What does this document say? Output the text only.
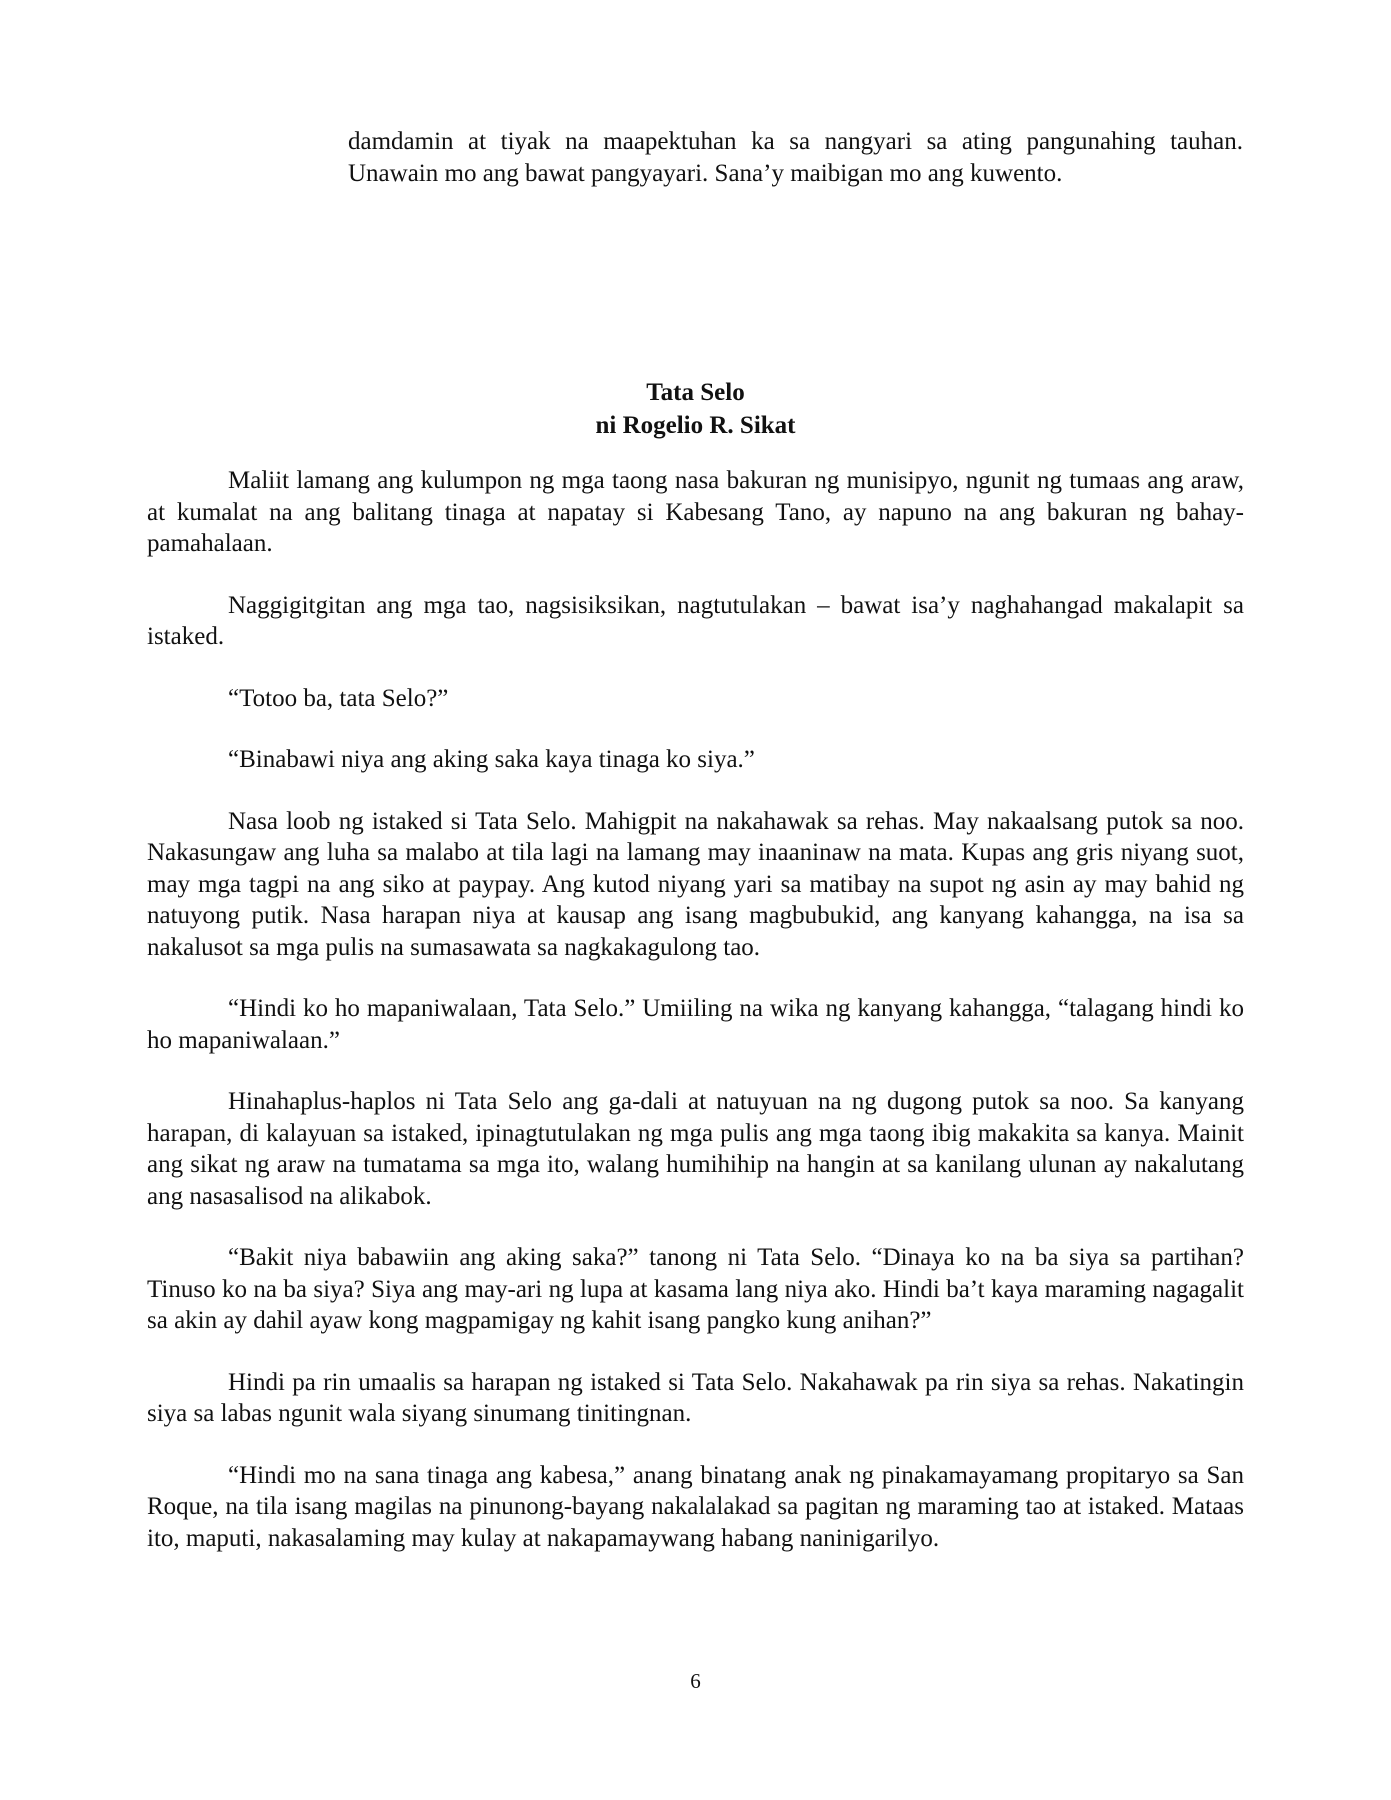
damdamin at tiyak na maapektuhan ka sa nangyari sa ating pangunahing tauhan.

Unawain mo ang bawat pangyayari. Sana’y maibigan mo ang kuwento.

Tata Selo
ni Rogelio R. Sikat

Maliit lamang ang kulumpon ng mga taong nasa bakuran ng munisipyo, ngunit ng tumaas ang araw, at kumalat na ang balitang tinaga at napatay si Kabesang Tano, ay napuno na ang bakuran ng bahay-pamahalaan.

Naggigitgitan ang mga tao, nagsisiksikan, nagtutulakan – bawat isa’y naghahangad makalapit sa istaked.

“Totoo ba, tata Selo?”

“Binabawi niya ang aking saka kaya tinaga ko siya.”

Nasa loob ng istaked si Tata Selo. Mahigpit na nakahawak sa rehas. May nakaalsang putok sa noo. Nakasungaw ang luha sa malabo at tila lagi na lamang may inaaninaw na mata. Kupas ang gris niyang suot, may mga tagpi na ang siko at paypay. Ang kutod niyang yari sa matibay na supot ng asin ay may bahid ng natuyong putik. Nasa harapan niya at kausap ang isang magbubukid, ang kanyang kahangga, na isa sa nakalusot sa mga pulis na sumasawata sa nagkakagulong tao.

“Hindi ko ho mapaniwalaan, Tata Selo.” Umiiling na wika ng kanyang kahangga, “talagang hindi ko ho mapaniwalaan.”

Hinahaplus-haplos ni Tata Selo ang ga-dali at natuyuan na ng dugong putok sa noo. Sa kanyang harapan, di kalayuan sa istaked, ipinagtutulakan ng mga pulis ang mga taong ibig makakita sa kanya. Mainit ang sikat ng araw na tumatama sa mga ito, walang humihihip na hangin at sa kanilang ulunan ay nakalutang ang nasasalisod na alikabok.

“Bakit niya babawiin ang aking saka?” tanong ni Tata Selo. “Dinaya ko na ba siya sa partihan? Tinuso ko na ba siya? Siya ang may-ari ng lupa at kasama lang niya ako. Hindi ba’t kaya maraming nagagalit sa akin ay dahil ayaw kong magpamigay ng kahit isang pangko kung anihan?”

Hindi pa rin umaalis sa harapan ng istaked si Tata Selo. Nakahawak pa rin siya sa rehas. Nakatingin siya sa labas ngunit wala siyang sinumang tinitingnan.

“Hindi mo na sana tinaga ang kabesa,” anang binatang anak ng pinakamayamang propitaryo sa San Roque, na tila isang magilas na pinunong-bayang nakalalakad sa pagitan ng maraming tao at istaked. Mataas ito, maputi, nakasalaming may kulay at nakapamaywang habang naninigarilyo.

6
